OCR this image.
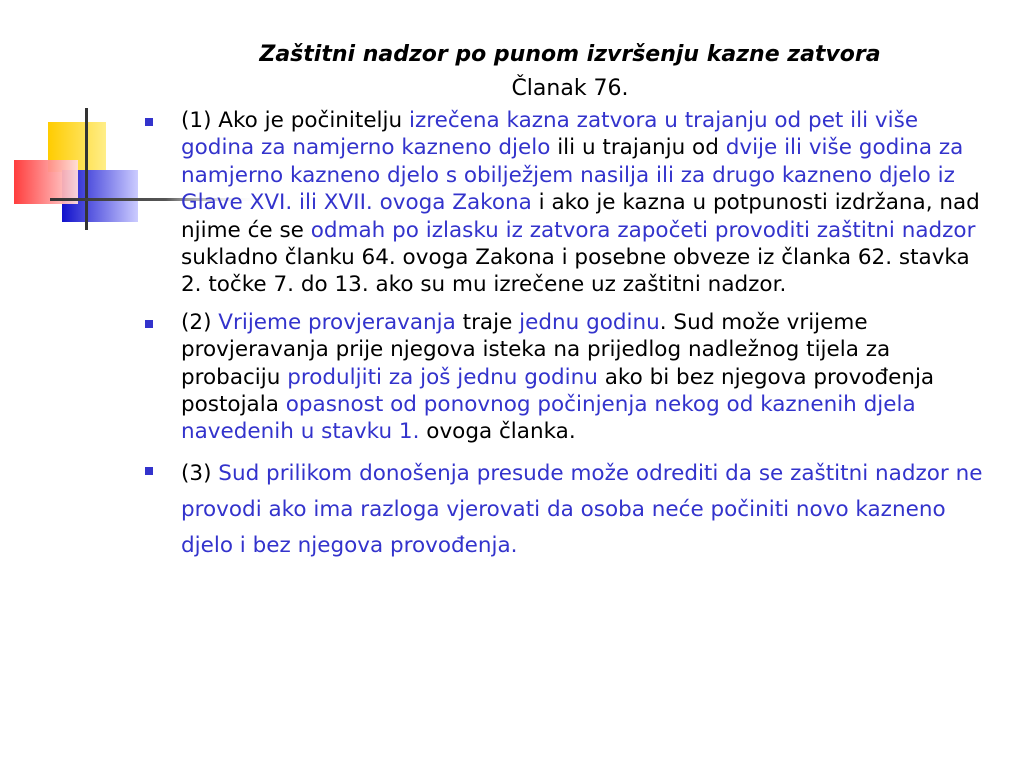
Zaštitni nadzor po punom izvršenju kazne zatvora
Članak 76.
(1) Ako je počinitelju izrečena kazna zatvora u trajanju od pet ili više godina za namjerno kazneno djelo ili u trajanju od dvije ili više godina za namjerno kazneno djelo s obilježjem nasilja ili za drugo kazneno djelo iz Glave XVI. ili XVII. ovoga Zakona i ako je kazna u potpunosti izdržana, nad njime će se odmah po izlasku iz zatvora započeti provoditi zaštitni nadzor sukladno članku 64. ovoga Zakona i posebne obveze iz članka 62. stavka 2. točke 7. do 13. ako su mu izrečene uz zaštitni nadzor.
(2) Vrijeme provjeravanja traje jednu godinu. Sud može vrijeme provjeravanja prije njegova isteka na prijedlog nadležnog tijela za probaciju produljiti za još jednu godinu ako bi bez njegova provođenja postojala opasnost od ponovnog počinjenja nekog od kaznenih djela navedenih u stavku 1. ovoga članka.
(3) Sud prilikom donošenja presude može odrediti da se zaštitni nadzor ne provodi ako ima razloga vjerovati da osoba neće počiniti novo kazneno djelo i bez njegova provođenja.
